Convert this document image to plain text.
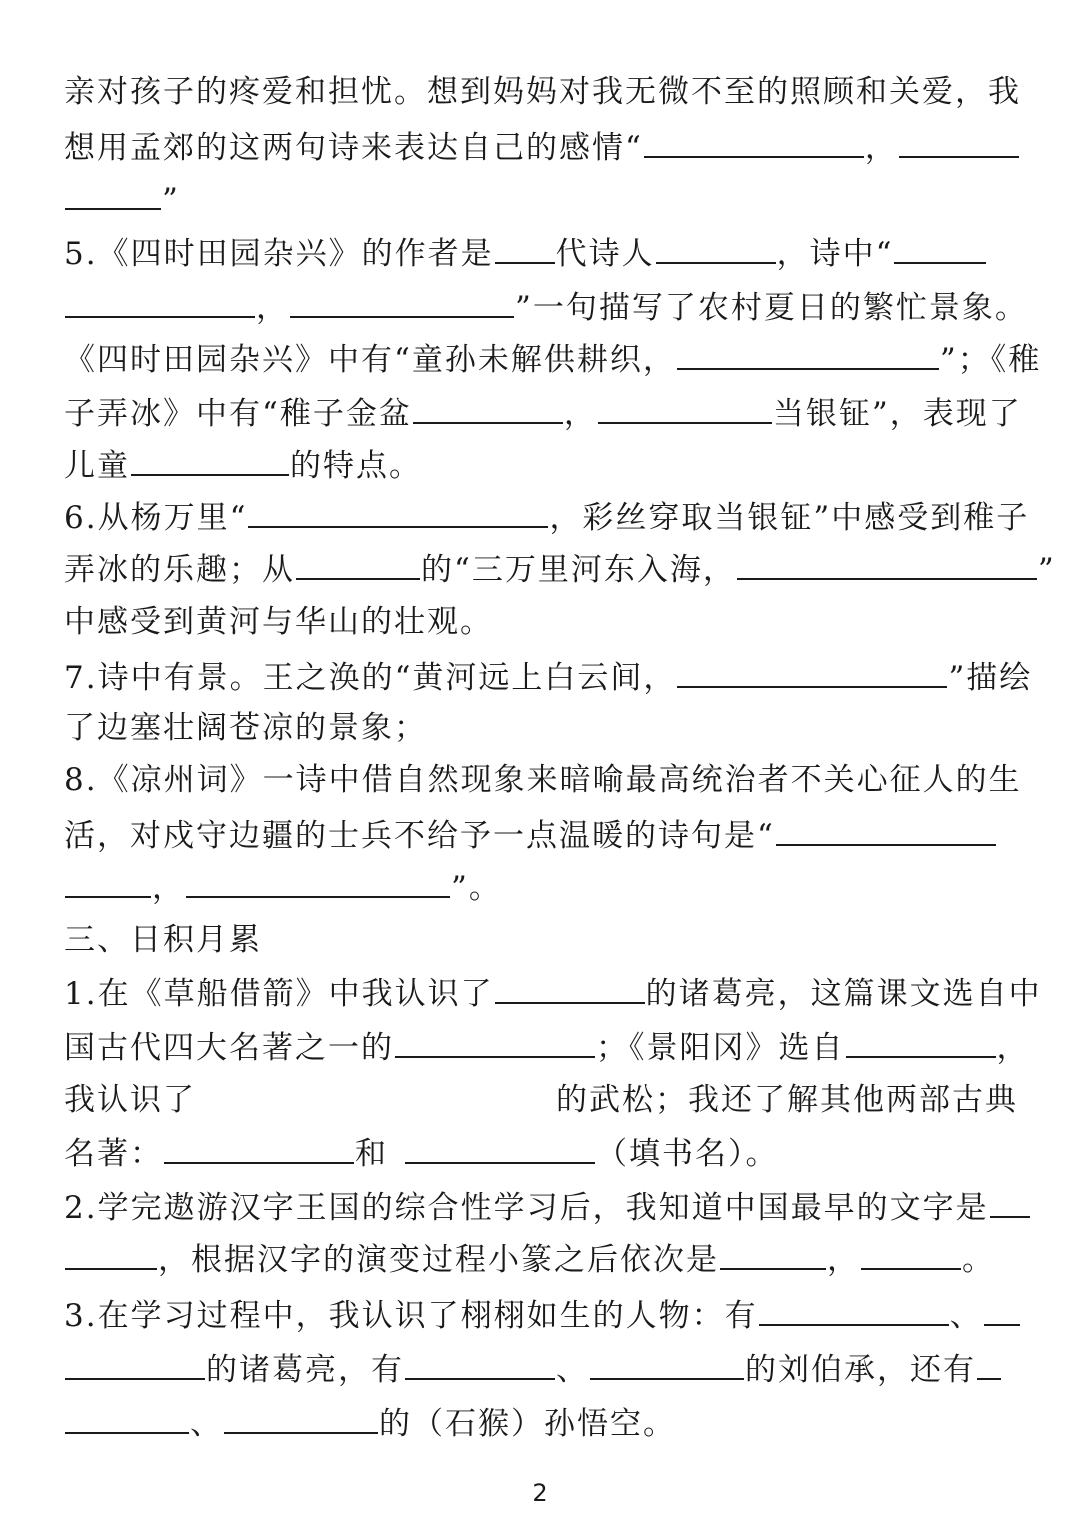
亲对孩子的疼爱和担忧。想到妈妈对我无微不至的照顾和关爱，我
想用孟郊的这两句诗来表达自己的感情“	，
”
5.《四时田园杂兴》的作者是 代诗人	，诗中“
，	”一句描写了农村夏日的繁忙景象。
《四时田园杂兴》中有“童孙未解供耕织，	”；《稚
子弄冰》中有“稚子金盆	，	当银钲”，表现了
儿童	的特点。
6.从杨万里“	，彩丝穿取当银钲”中感受到稚子
弄冰的乐趣；从	的“三万里河东入海，	”
中感受到黄河与华山的壮观。
7.诗中有景。王之涣的“黄河远上白云间，	”描绘
了边塞壮阔苍凉的景象；
8.《凉州词》一诗中借自然现象来暗喻最高统治者不关心征人的生
活，对戍守边疆的士兵不给予一点温暖的诗句是“
，	”。
三、日积月累
1.在《草船借箭》中我认识了	的诸葛亮，这篇课文选自中
国古代四大名著之一的	；《景阳冈》选自	，
我认识了	的武松；我还了解其他两部古典
名著：	和	（填书名）。
2.学完遨游汉字王国的综合性学习后，我知道中国最早的文字是
，根据汉字的演变过程小篆之后依次是	，	。
3.在学习过程中，我认识了栩栩如生的人物：有	、
的诸葛亮，有	、	的刘伯承，还有
、	的（石猴）孙悟空。
2
